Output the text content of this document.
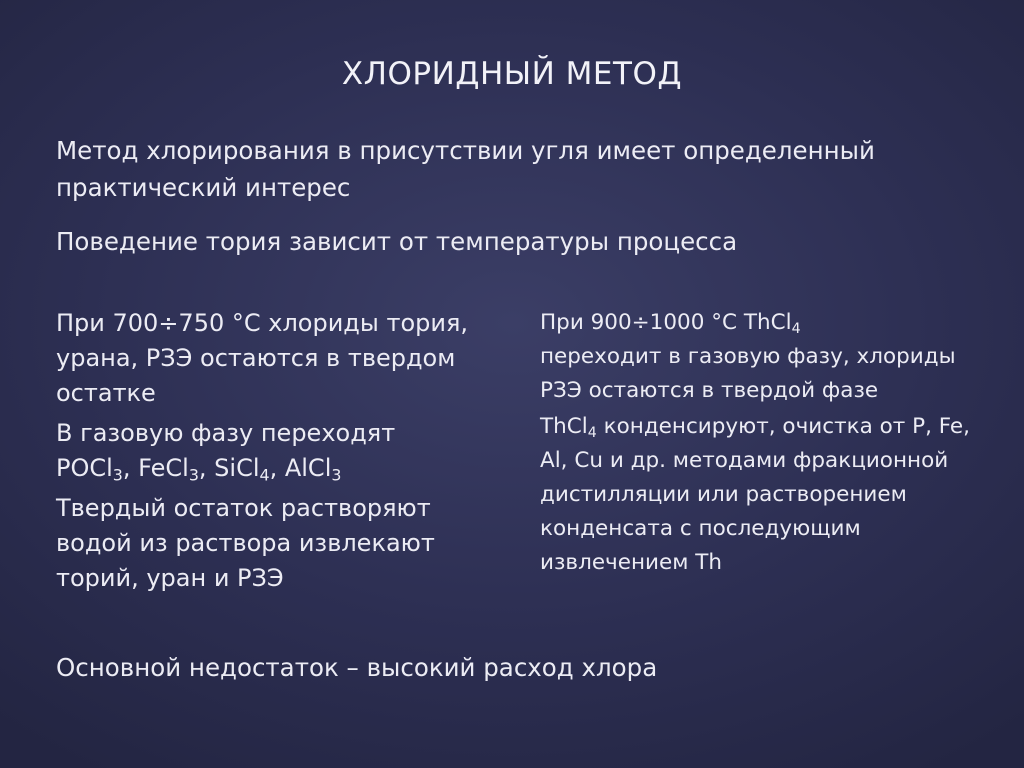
ХЛОРИДНЫЙ МЕТОД
Метод хлорирования в присутствии угля имеет определенный практический интерес
Поведение тория зависит от температуры процесса
При 700÷750 °С хлориды тория, урана, РЗЭ остаются в твердом остатке
В газовую фазу переходят
POCl$_3$, FeCl$_3$, SiCl$_4$, AlCl$_3$
Твердый остаток растворяют водой из раствора извлекают торий, уран и РЗЭ
При 900÷1000 °С ThCl$_4$
переходит в газовую фазу, хлориды РЗЭ остаются в твердой фазе
ThCl$_4$ конденсируют, очистка от P, Fe, Al, Cu и др. методами фракционной дистилляции или растворением конденсата с последующим извлечением Th
Основной недостаток – высокий расход хлора
